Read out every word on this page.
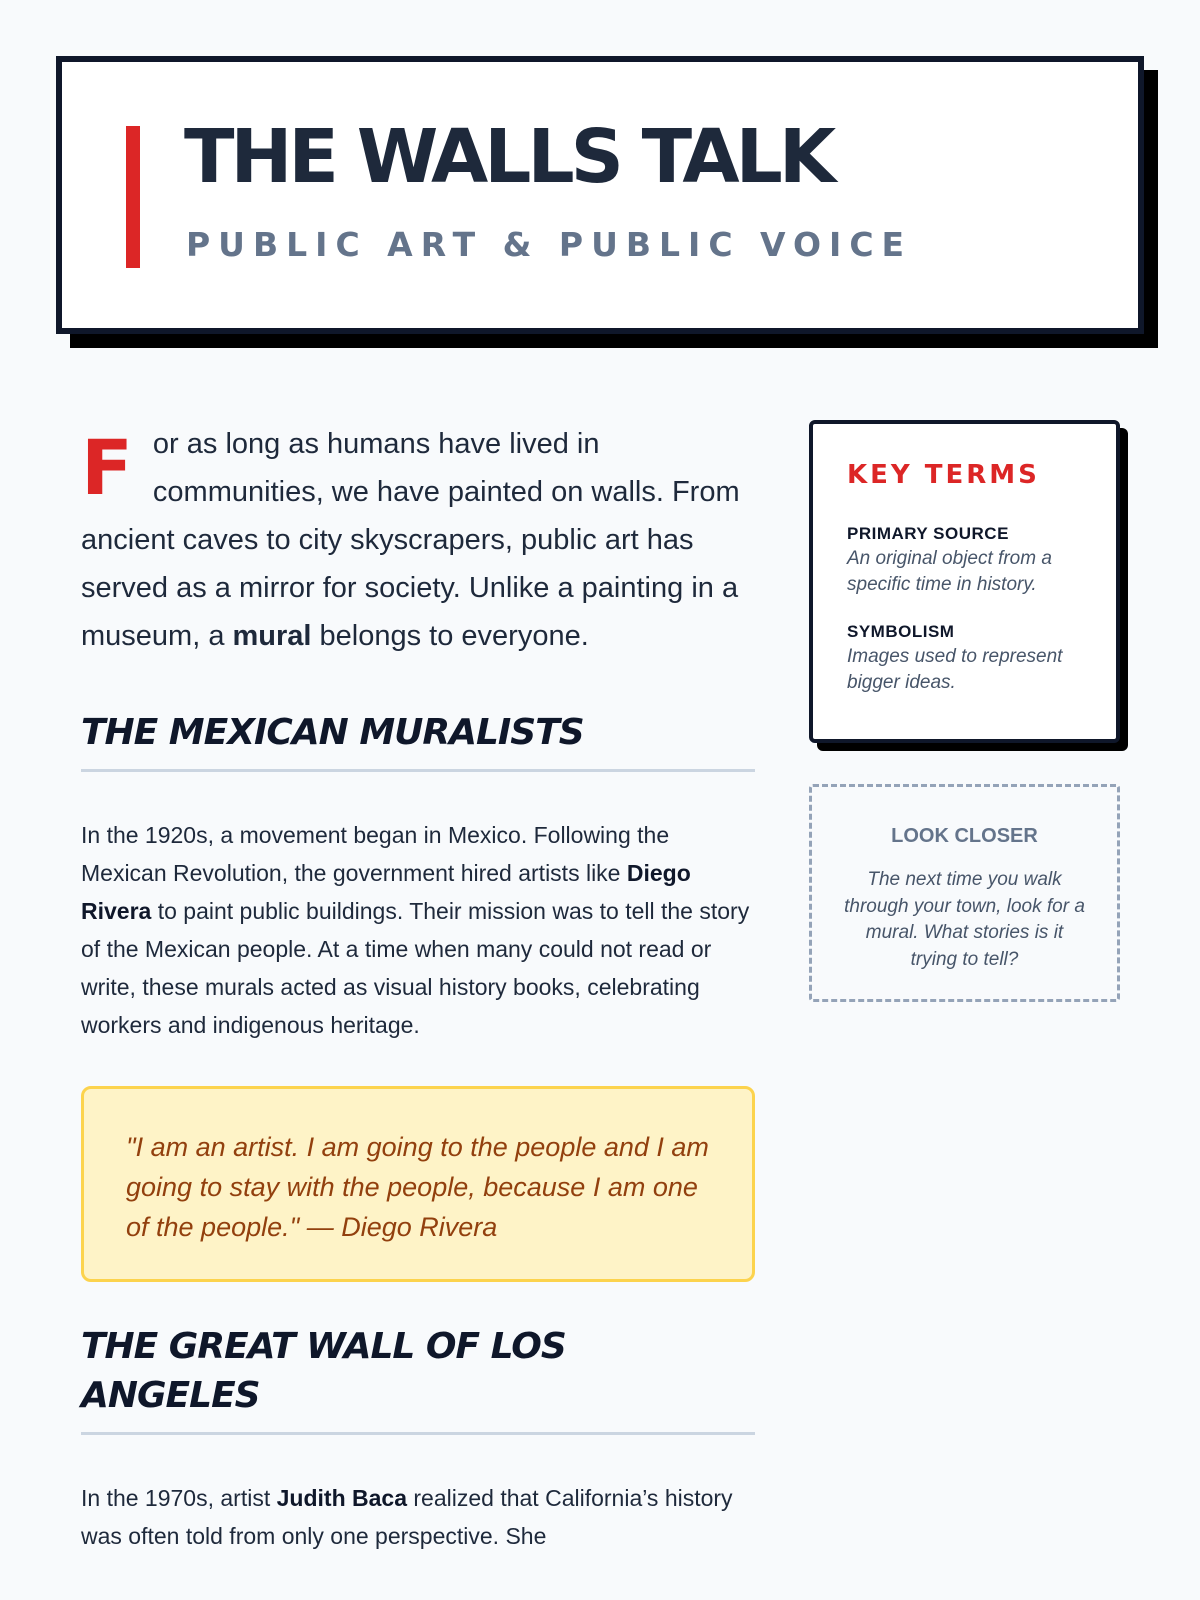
THE WALLS TALK
PUBLIC ART & PUBLIC VOICE

For as long as humans have lived in communities, we have painted on walls. From ancient caves to city skyscrapers, public art has served as a mirror for society. Unlike a painting in a museum, a mural belongs to everyone.

THE MEXICAN MURALISTS

In the 1920s, a movement began in Mexico. Following the Mexican Revolution, the government hired artists like Diego Rivera to paint public buildings. Their mission was to tell the story of the Mexican people. At a time when many could not read or write, these murals acted as visual history books, celebrating workers and indigenous heritage.

"I am an artist. I am going to the people and I am going to stay with the people, because I am one of the people." — Diego Rivera

THE GREAT WALL OF LOS ANGELES

In the 1970s, artist Judith Baca realized that California’s history was often told from only one perspective. She

KEY TERMS
PRIMARY SOURCE
An original object from a specific time in history.
SYMBOLISM
Images used to represent bigger ideas.
LOOK CLOSER

The next time you walk through your town, look for a mural. What stories is it trying to tell?
